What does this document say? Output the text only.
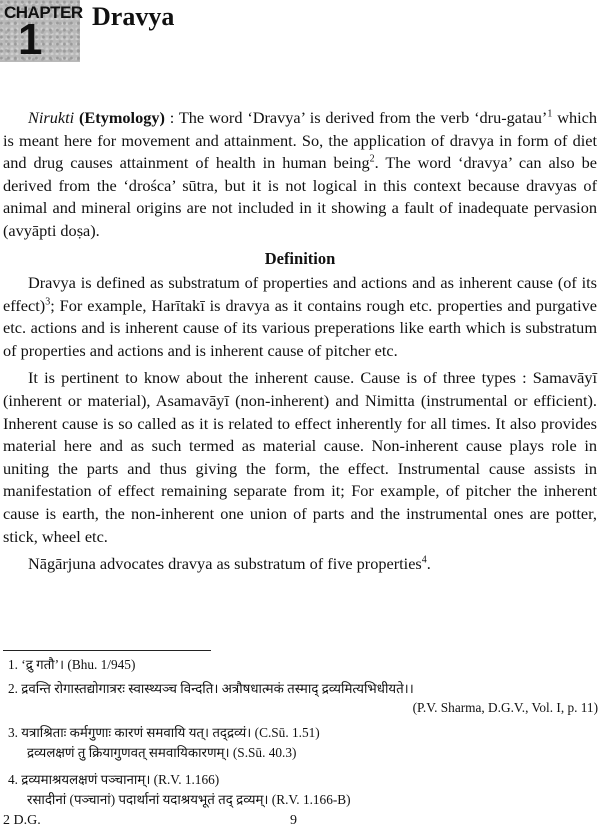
CHAPTER
1 Dravya

Nirukti (Etymology) : The word ‘Dravya’ is derived from the verb ‘dru-gatau’$^1$ which is meant here for movement and attainment. So, the application of dravya in form of diet and drug causes attainment of health in human being$^2$. The word ‘dravya’ can also be derived from the ‘drośca’ sūtra, but it is not logical in this context because dravyas of animal and mineral origins are not included in it showing a fault of inadequate pervasion (avyāpti doṣa).

Definition

Dravya is defined as substratum of properties and actions and as inherent cause (of its effect)$^3$; For example, Harītakī is dravya as it contains rough etc. properties and purgative etc. actions and is inherent cause of its various preperations like earth which is substratum of properties and actions and is inherent cause of pitcher etc.

It is pertinent to know about the inherent cause. Cause is of three types : Samavāyī (inherent or material), Asamavāyī (non-inherent) and Nimitta (instrumental or efficient). Inherent cause is so called as it is related to effect inherently for all times. It also provides material here and as such termed as material cause. Non-inherent cause plays role in uniting the parts and thus giving the form, the effect. Instrumental cause assists in manifestation of effect remaining separate from it; For example, of pitcher the inherent cause is earth, the non-inherent one union of parts and the instrumental ones are potter, stick, wheel etc.

Nāgārjuna advocates dravya as substratum of five properties$^4$.

1. ‘द्रु गतौ’। (Bhu. 1/945)
2. द्रवन्ति रोगास्तद्योगात्ररः स्वास्थ्यञ्च विन्दति। अत्रौषधात्मकं तस्माद् द्रव्यमित्यभिधीयते।।
(P.V. Sharma, D.G.V., Vol. I, p. 11)
3. यत्राश्रिताः कर्मगुणाः कारणं समवायि यत्। तद्द्रव्यं। (C.Sū. 1.51)
द्रव्यलक्षणं तु क्रियागुणवत् समवायिकारणम्। (S.Sū. 40.3)
4. द्रव्यमाश्रयलक्षणं पञ्चानाम्। (R.V. 1.166)
रसादीनां (पञ्चानां) पदार्थानां यदाश्रयभूतं तद् द्रव्यम्। (R.V. 1.166-B)
2 D.G.	9
